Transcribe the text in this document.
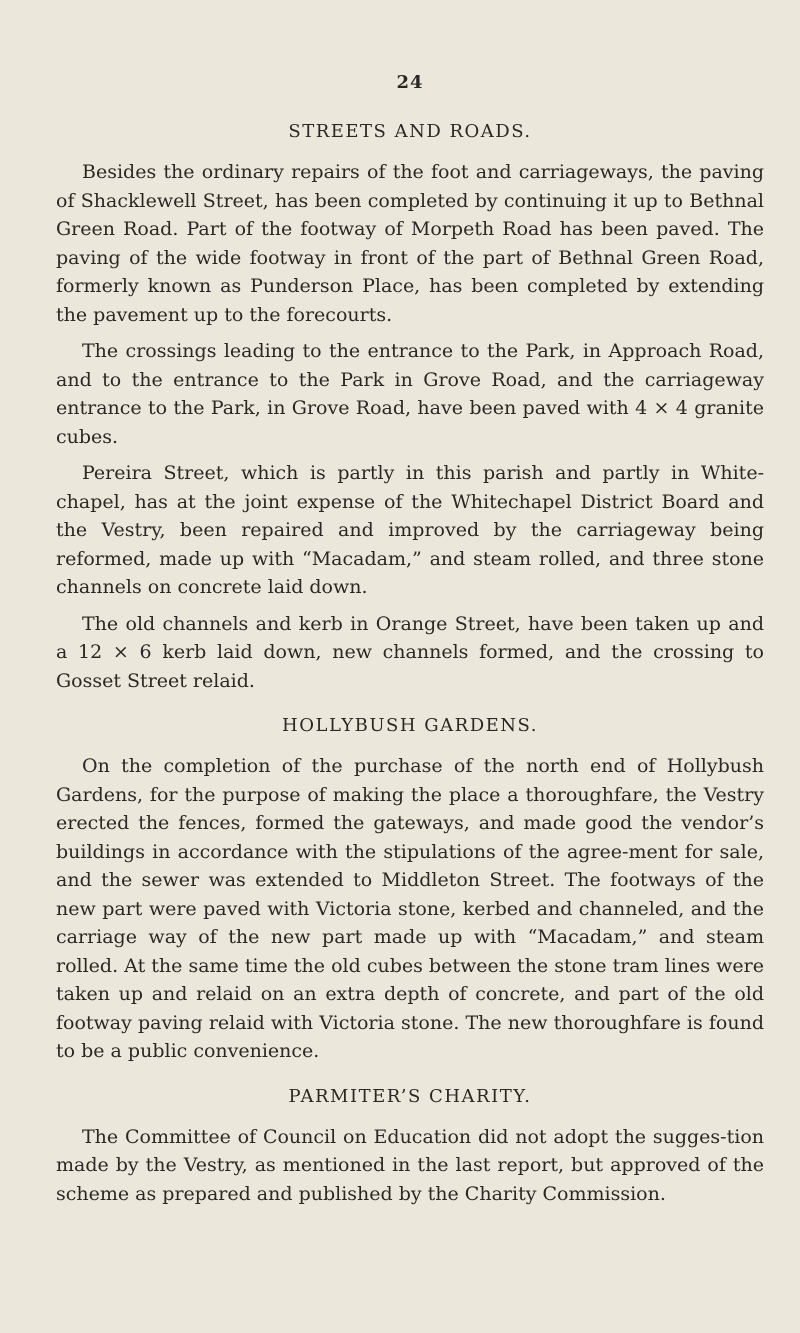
24
STREETS AND ROADS.

Besides the ordinary repairs of the foot and carriageways, the paving of Shacklewell Street, has been completed by continuing it up to Bethnal Green Road. Part of the footway of Morpeth Road has been paved. The paving of the wide footway in front of the part of Bethnal Green Road, formerly known as Punderson Place, has been completed by extending the pavement up to the forecourts.

The crossings leading to the entrance to the Park, in Approach Road, and to the entrance to the Park in Grove Road, and the carriageway entrance to the Park, in Grove Road, have been paved with 4 × 4 granite cubes.

Pereira Street, which is partly in this parish and partly in White-chapel, has at the joint expense of the Whitechapel District Board and the Vestry, been repaired and improved by the carriageway being reformed, made up with “Macadam,” and steam rolled, and three stone channels on concrete laid down.

The old channels and kerb in Orange Street, have been taken up and a 12 × 6 kerb laid down, new channels formed, and the crossing to Gosset Street relaid.

HOLLYBUSH GARDENS.

On the completion of the purchase of the north end of Hollybush Gardens, for the purpose of making the place a thoroughfare, the Vestry erected the fences, formed the gateways, and made good the vendor’s buildings in accordance with the stipulations of the agree-ment for sale, and the sewer was extended to Middleton Street. The footways of the new part were paved with Victoria stone, kerbed and channeled, and the carriage way of the new part made up with “Macadam,” and steam rolled. At the same time the old cubes between the stone tram lines were taken up and relaid on an extra depth of concrete, and part of the old footway paving relaid with Victoria stone. The new thoroughfare is found to be a public convenience.

PARMITER’S CHARITY.

The Committee of Council on Education did not adopt the sugges-tion made by the Vestry, as mentioned in the last report, but approved of the scheme as prepared and published by the Charity Commission.
